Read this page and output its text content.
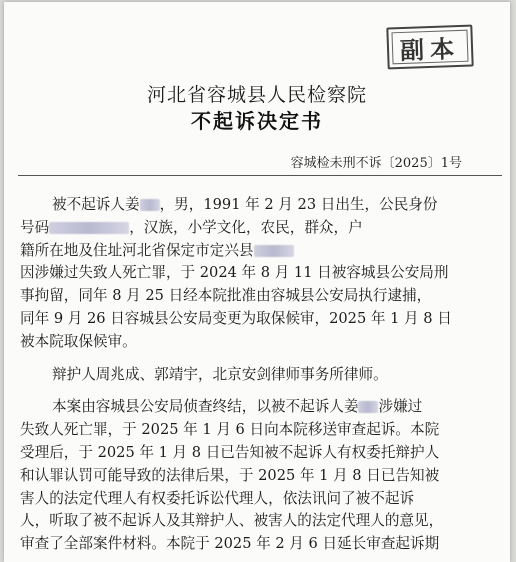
副本
河北省容城县人民检察院
不起诉决定书
容城检未刑不诉〔2025〕1号
被不起诉人姜 ，男，1991 年 2 月 23 日出生，公民身份
号码	，汉族，小学文化，农民，群众，户
籍所在地及住址河北省保定市定兴县
因涉嫌过失致人死亡罪，于 2024 年 8 月 11 日被容城县公安局刑
事拘留，同年 8 月 25 日经本院批准由容城县公安局执行逮捕，
同年 9 月 26 日容城县公安局变更为取保候审，2025 年 1 月 8 日
被本院取保候审。
辩护人周兆成、郭靖宇，北京安剑律师事务所律师。
本案由容城县公安局侦查终结，以被不起诉人姜 涉嫌过
失致人死亡罪，于 2025 年 1 月 6 日向本院移送审查起诉。本院
受理后，于 2025 年 1 月 8 日已告知被不起诉人有权委托辩护人
和认罪认罚可能导致的法律后果，于 2025 年 1 月 8 日已告知被
害人的法定代理人有权委托诉讼代理人，依法讯问了被不起诉
人，听取了被不起诉人及其辩护人、被害人的法定代理人的意见，
审查了全部案件材料。本院于 2025 年 2 月 6 日延长审查起诉期
